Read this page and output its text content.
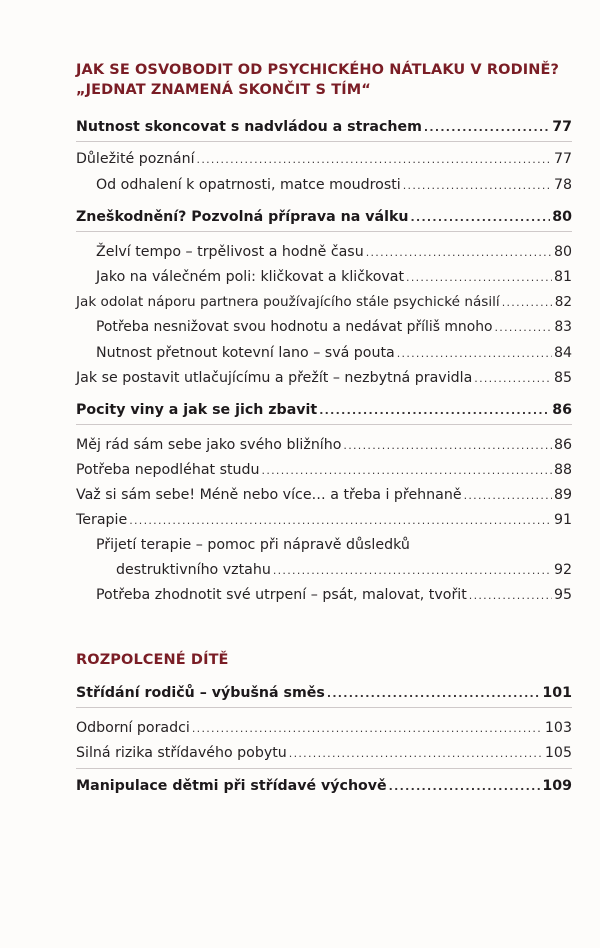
JAK SE OSVOBODIT OD PSYCHICKÉHO NÁTLAKU V RODINĚ?
„JEDNAT ZNAMENÁ SKONČIT S TÍM“
Nutnost skoncovat s nadvládou a strachem .....	77
Důležité poznání .....	77
Od odhalení k opatrnosti, matce moudrosti .....	78
Zneškodnění? Pozvolná příprava na válku .....	80
Želví tempo – trpělivost a hodně času .....	80
Jako na válečném poli: kličkovat a kličkovat .....	81
Jak odolat náporu partnera používajícího stále psychické násilí .....	82
Potřeba nesnižovat svou hodnotu a nedávat příliš mnoho .....	83
Nutnost přetnout kotevní lano – svá pouta .....	84
Jak se postavit utlačujícímu a přežít – nezbytná pravidla .....	85
Pocity viny a jak se jich zbavit .....	86
Měj rád sám sebe jako svého bližního .....	86
Potřeba nepodléhat studu .....	88
Važ si sám sebe! Méně nebo více… a třeba i přehnaně .....	89
Terapie .....	91
Přijetí terapie – pomoc při nápravě důsledků
destruktivního vztahu .....	92
Potřeba zhodnotit své utrpení – psát, malovat, tvořit .....	95
ROZPOLCENÉ DÍTĚ
Střídání rodičů – výbušná směs .....	101
Odborní poradci .....	103
Silná rizika střídavého pobytu .....	105
Manipulace dětmi při střídavé výchově .....	109
